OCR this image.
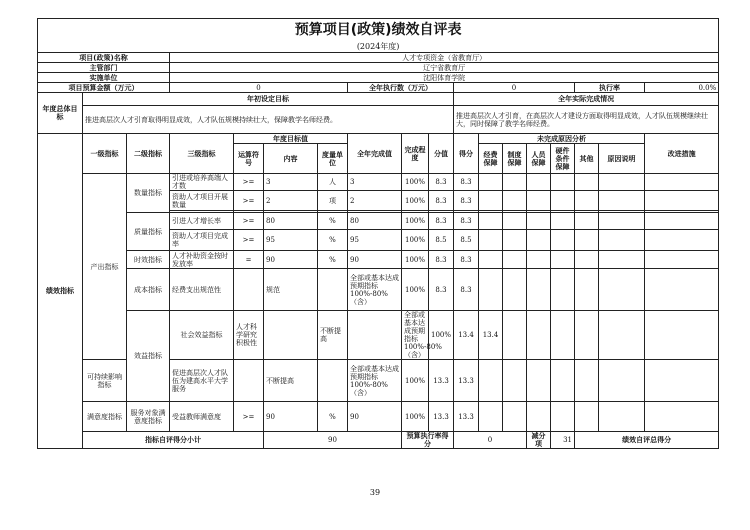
预算项目(政策)绩效自评表																		
(2024年度)																		
项目(政策)名称			人才专项资金（省教育厅）															
主管部门			辽宁省教育厅															
实施单位			沈阳体育学院															
项目预算金额（万元）			0				全年执行数（万元）			0					执行率		0.0%	
年度总体目标	年初设定目标									全年实际完成情况								
	推进高层次人才引育取得明显成效，人才队伍规模持续壮大，保障教学名师经费。									推进高层次人才引育，在高层次人才建设方面取得明显成效，人才队伍规模继续壮大，同时保障了教学名师经费。								
绩效指标	一级指标	二级指标	三级指标	年度目标值			全年完成值	完成程度	分值	得分	未完成原因分析						改进措施	
				运算符号	内容	度量单位					经费保障	制度保障	人员保障	硬件条件保障	其他	原因说明		
	产出指标	数量指标	引进或培养高端人才数	>=	3	人	3	100%	8.3	8.3								
			资助人才项目开展数量	>=	2	项	2	100%	8.3	8.3								

		质量指标	引进人才增长率	>=	80	%	80	100%	8.3	8.3								
			资助人才项目完成率	>=	95	%	95	100%	8.5	8.5								
		时效指标	人才补助资金按时发放率	=	90	%	90	100%	8.3	8.3								
		成本指标	经费支出规范性		规范		全部或基本达成预期指标100%-80%（含）	100%	8.3	8.3								
		效益指标	社会效益指标	人才科学研究积极性		不断提高		全部或基本达成预期指标100%-80%（含）	100%	13.4	13.4							
	可持续影响指标		促进高层次人才队伍为建高水平大学服务		不断提高		全部或基本达成预期指标100%-80%（含）	100%	13.3	13.3								
	满意度指标	服务对象满意度指标	受益教师满意度	>=	90	%	90	100%	13.3	13.3								
	指标自评得分小计				90			预算执行率得分		0			减分项	31	绩效自评总得分	
39
